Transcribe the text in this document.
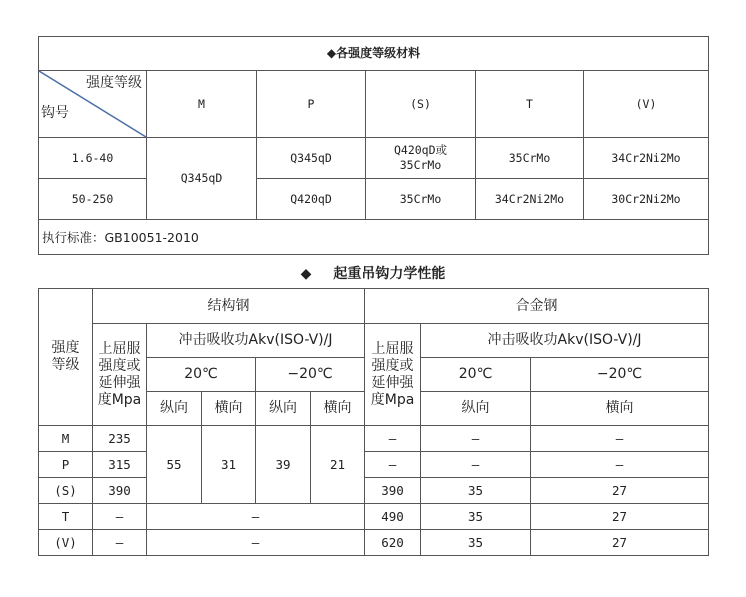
◆各强度等级材料					

强度等级
钩号	M	P	(S)	T	(V)
1.6-40	Q345qD	Q345qD	Q420qD或35CrMo	35CrMo	34Cr2Ni2Mo
50-250		Q420qD	35CrMo	34Cr2Ni2Mo	30Cr2Ni2Mo
执行标准：GB10051-2010					
◆ 起重吊钩力学性能
强度等级	结构钢					合金钢		
	上屈服强度或延伸强度Mpa	冲击吸收功Akv(ISO-V)/J				上屈服强度或延伸强度Mpa	冲击吸收功Akv(ISO-V)/J	
		20℃		−20℃			20℃	−20℃
		纵向	横向	纵向	横向		纵向	横向
M	235	55	31	39	21	—	—	—
P	315					—	—	—
(S)	390					390	35	27
T	—	—				490	35	27
(V)	—	—				620	35	27
